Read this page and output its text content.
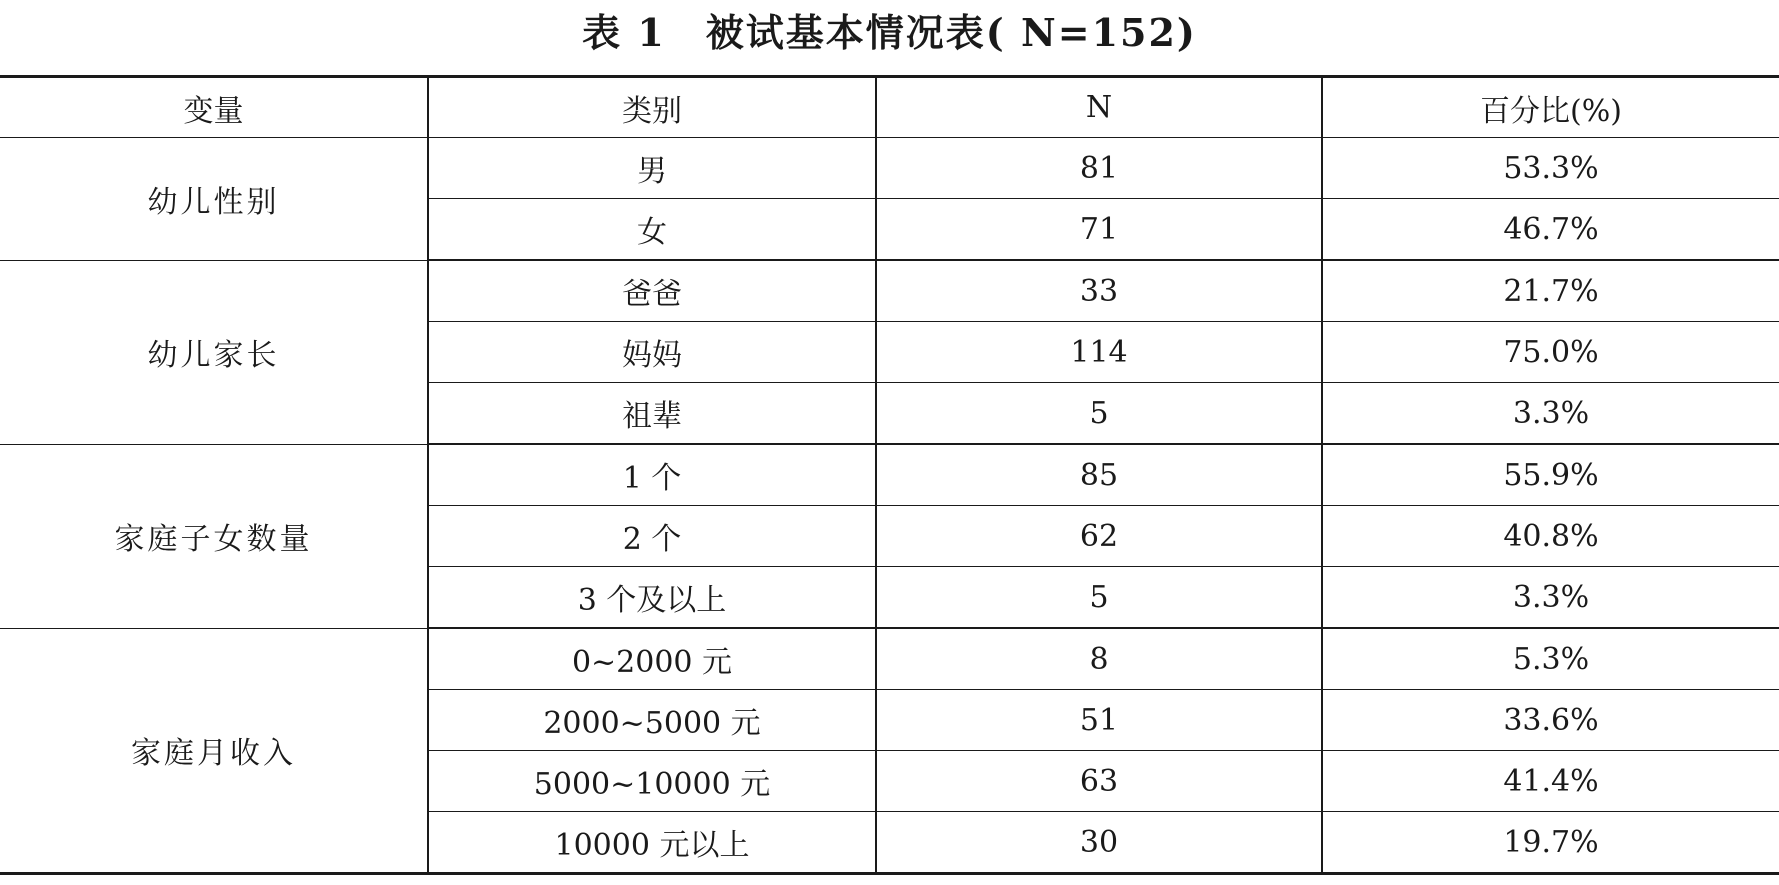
表 1 被试基本情况表( N=152)
变量	类别	N	百分比(%)
幼儿性别	男	81	53.3%
	女	71	46.7%
幼儿家长	爸爸	33	21.7%
	妈妈	114	75.0%
	祖辈	5	3.3%
家庭子女数量	1 个	85	55.9%
	2 个	62	40.8%
	3 个及以上	5	3.3%
家庭月收入	0~2000 元	8	5.3%
	2000~5000 元	51	33.6%
	5000~10000 元	63	41.4%
	10000 元以上	30	19.7%
